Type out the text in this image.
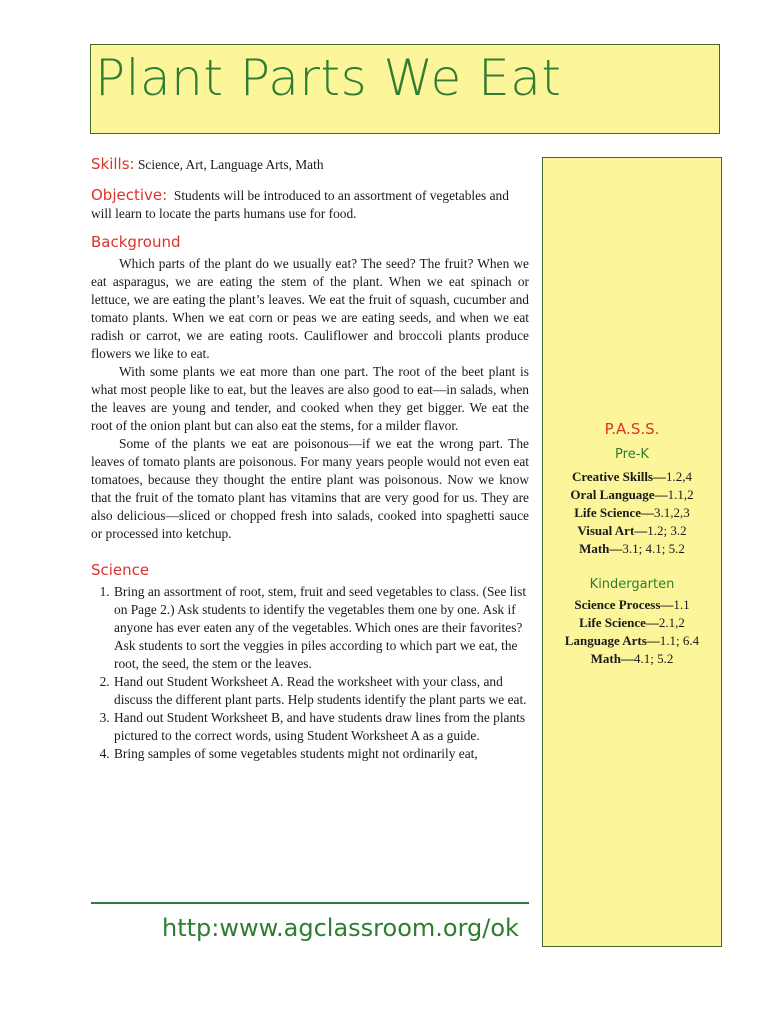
Plant Parts We Eat
Skills: Science, Art, Language Arts, Math
Objective: Students will be introduced to an assortment of vegetables and will learn to locate the parts humans use for food.
Background

Which parts of the plant do we usually eat? The seed? The fruit? When we eat asparagus, we are eating the stem of the plant. When we eat spinach or lettuce, we are eating the plant’s leaves. We eat the fruit of squash, cucumber and tomato plants. When we eat corn or peas we are eating seeds, and when we eat radish or carrot, we are eating roots. Cauliflower and broccoli plants produce flowers we like to eat.

With some plants we eat more than one part. The root of the beet plant is what most people like to eat, but the leaves are also good to eat—in salads, when the leaves are young and tender, and cooked when they get bigger. We eat the root of the onion plant but can also eat the stems, for a milder flavor.

Some of the plants we eat are poisonous—if we eat the wrong part. The leaves of tomato plants are poisonous. For many years people would not even eat tomatoes, because they thought the entire plant was poisonous. Now we know that the fruit of the tomato plant has vitamins that are very good for us. They are also delicious—sliced or chopped fresh into salads, cooked into spaghetti sauce or processed into ketchup.

Science
1. Bring an assortment of root, stem, fruit and seed vegetables to class. (See list on Page 2.) Ask students to identify the vegetables them one by one. Ask if anyone has ever eaten any of the vegetables. Which ones are their favorites? Ask students to sort the veggies in piles according to which part we eat, the root, the seed, the stem or the leaves.
2. Hand out Student Worksheet A. Read the worksheet with your class, and discuss the different plant parts. Help students identify the plant parts we eat.
3. Hand out Student Worksheet B, and have students draw lines from the plants pictured to the correct words, using Student Worksheet A as a guide.
4. Bring samples of some vegetables students might not ordinarily eat,
http:www.agclassroom.org/ok
P.A.S.S.
Pre-K
Creative Skills—1.2,4
Oral Language—1.1,2
Life Science—3.1,2,3
Visual Art—1.2; 3.2
Math—3.1; 4.1; 5.2
Kindergarten
Science Process—1.1
Life Science—2.1,2
Language Arts—1.1; 6.4
Math—4.1; 5.2
